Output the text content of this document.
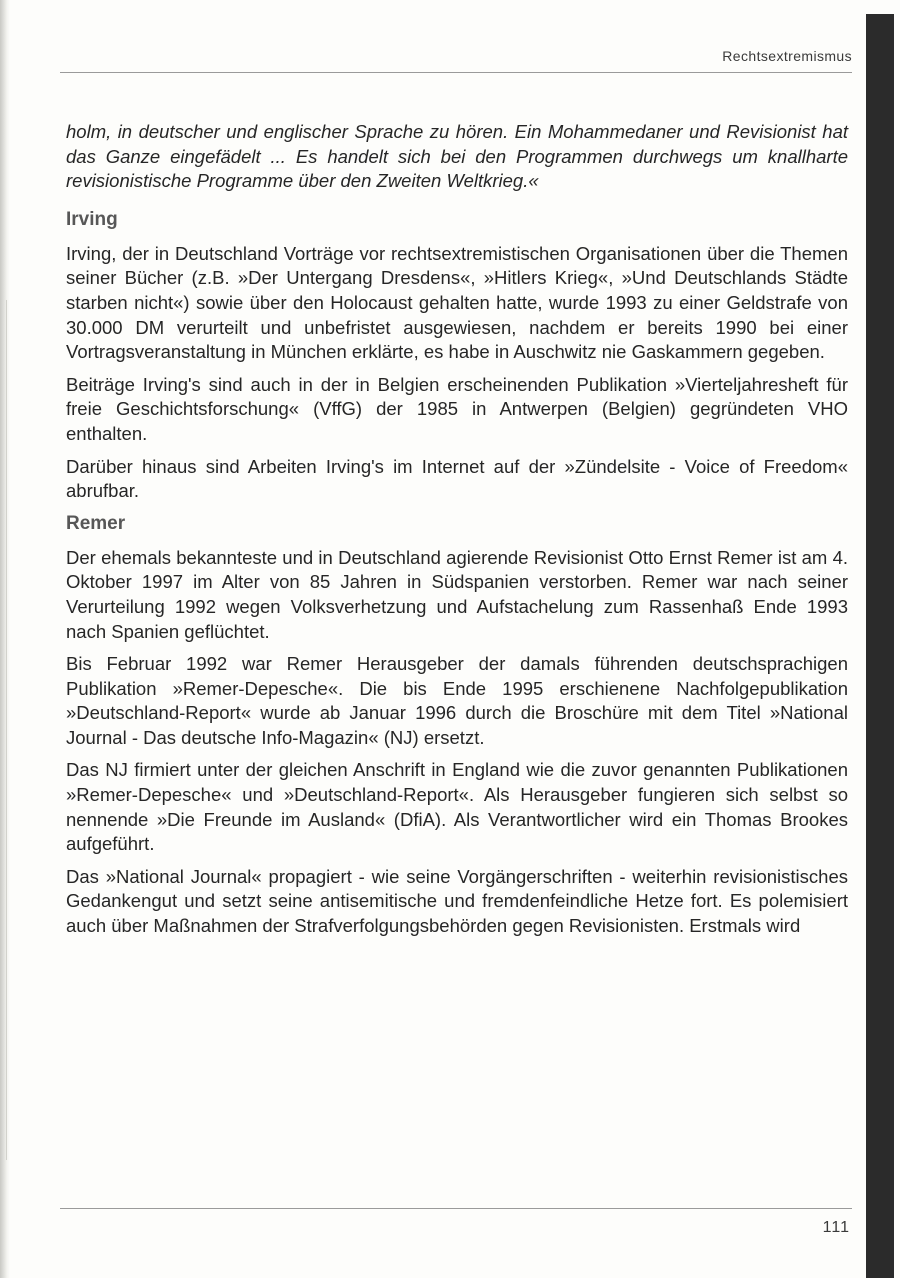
Rechtsextremismus

holm, in deutscher und englischer Sprache zu hören. Ein Mohammedaner und Revisionist hat das Ganze eingefädelt ... Es handelt sich bei den Programmen durchwegs um knallharte revisionistische Programme über den Zweiten Weltkrieg.«

Irving

Irving, der in Deutschland Vorträge vor rechtsextremistischen Organisationen über die Themen seiner Bücher (z.B. »Der Untergang Dresdens«, »Hitlers Krieg«, »Und Deutschlands Städte starben nicht«) sowie über den Holocaust gehalten hatte, wurde 1993 zu einer Geldstrafe von 30.000 DM verurteilt und unbefristet ausgewiesen, nachdem er bereits 1990 bei einer Vortragsveranstaltung in München erklärte, es habe in Auschwitz nie Gaskammern gegeben.

Beiträge Irving's sind auch in der in Belgien erscheinenden Publikation »Vierteljahresheft für freie Geschichtsforschung« (VffG) der 1985 in Antwerpen (Belgien) gegründeten VHO enthalten.

Darüber hinaus sind Arbeiten Irving's im Internet auf der »Zündelsite - Voice of Freedom« abrufbar.

Remer

Der ehemals bekannteste und in Deutschland agierende Revisionist Otto Ernst Remer ist am 4. Oktober 1997 im Alter von 85 Jahren in Südspanien verstorben. Remer war nach seiner Verurteilung 1992 wegen Volksverhetzung und Aufstachelung zum Rassenhaß Ende 1993 nach Spanien geflüchtet.

Bis Februar 1992 war Remer Herausgeber der damals führenden deutschsprachigen Publikation »Remer-Depesche«. Die bis Ende 1995 erschienene Nachfolgepublikation »Deutschland-Report« wurde ab Januar 1996 durch die Broschüre mit dem Titel »National Journal - Das deutsche Info-Magazin« (NJ) ersetzt.

Das NJ firmiert unter der gleichen Anschrift in England wie die zuvor genannten Publikationen »Remer-Depesche« und »Deutschland-Report«. Als Herausgeber fungieren sich selbst so nennende »Die Freunde im Ausland« (DfiA). Als Verantwortlicher wird ein Thomas Brookes aufgeführt.

Das »National Journal« propagiert - wie seine Vorgängerschriften - weiterhin revisionistisches Gedankengut und setzt seine antisemitische und fremdenfeindliche Hetze fort. Es polemisiert auch über Maßnahmen der Strafverfolgungsbehörden gegen Revisionisten. Erstmals wird

111
